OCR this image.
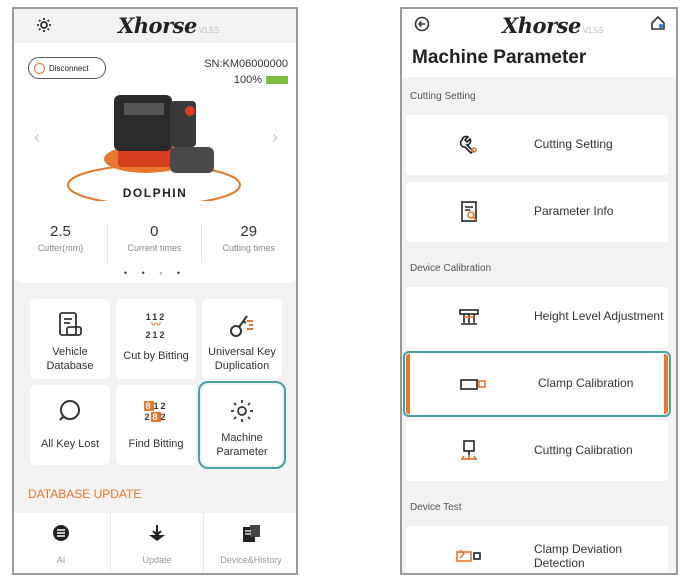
Xhorse V1.5.5
Disconnect	SN:KM06000000
100%
‹	›
DOLPHIN
2.5
Cutter(mm)
0
Current times
29
Cutting times
• • ◦ •
Vehicle Database
112
〰
212
Cut by Bitting	Universal Key Duplication
All Key Lost
812
282
Find Bitting	Machine Parameter
DATABASE UPDATE
AI	Update	Device&History
Xhorse V1.5.5
Machine Parameter
Cutting Setting
Cutting Setting
Parameter Info
Device Calibration
Height Level Adjustment
Clamp Calibration
Cutting Calibration
Device Test
Clamp Deviation
Detection
